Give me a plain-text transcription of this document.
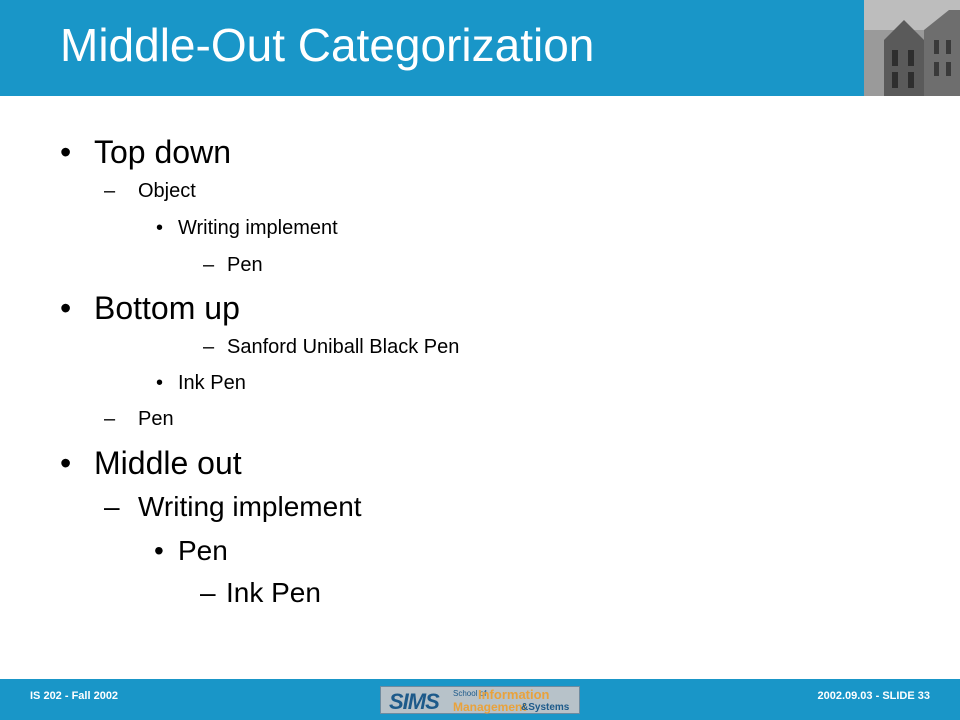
Middle-Out Categorization
• Top down
– Object
• Writing implement
– Pen
• Bottom up
– Sanford Uniball Black Pen
• Ink Pen
– Pen
• Middle out
– Writing implement
• Pen
– Ink Pen
IS 202 - Fall 2002	2002.09.03 - SLIDE 33
SIMS School of
Information
Management
&Systems
